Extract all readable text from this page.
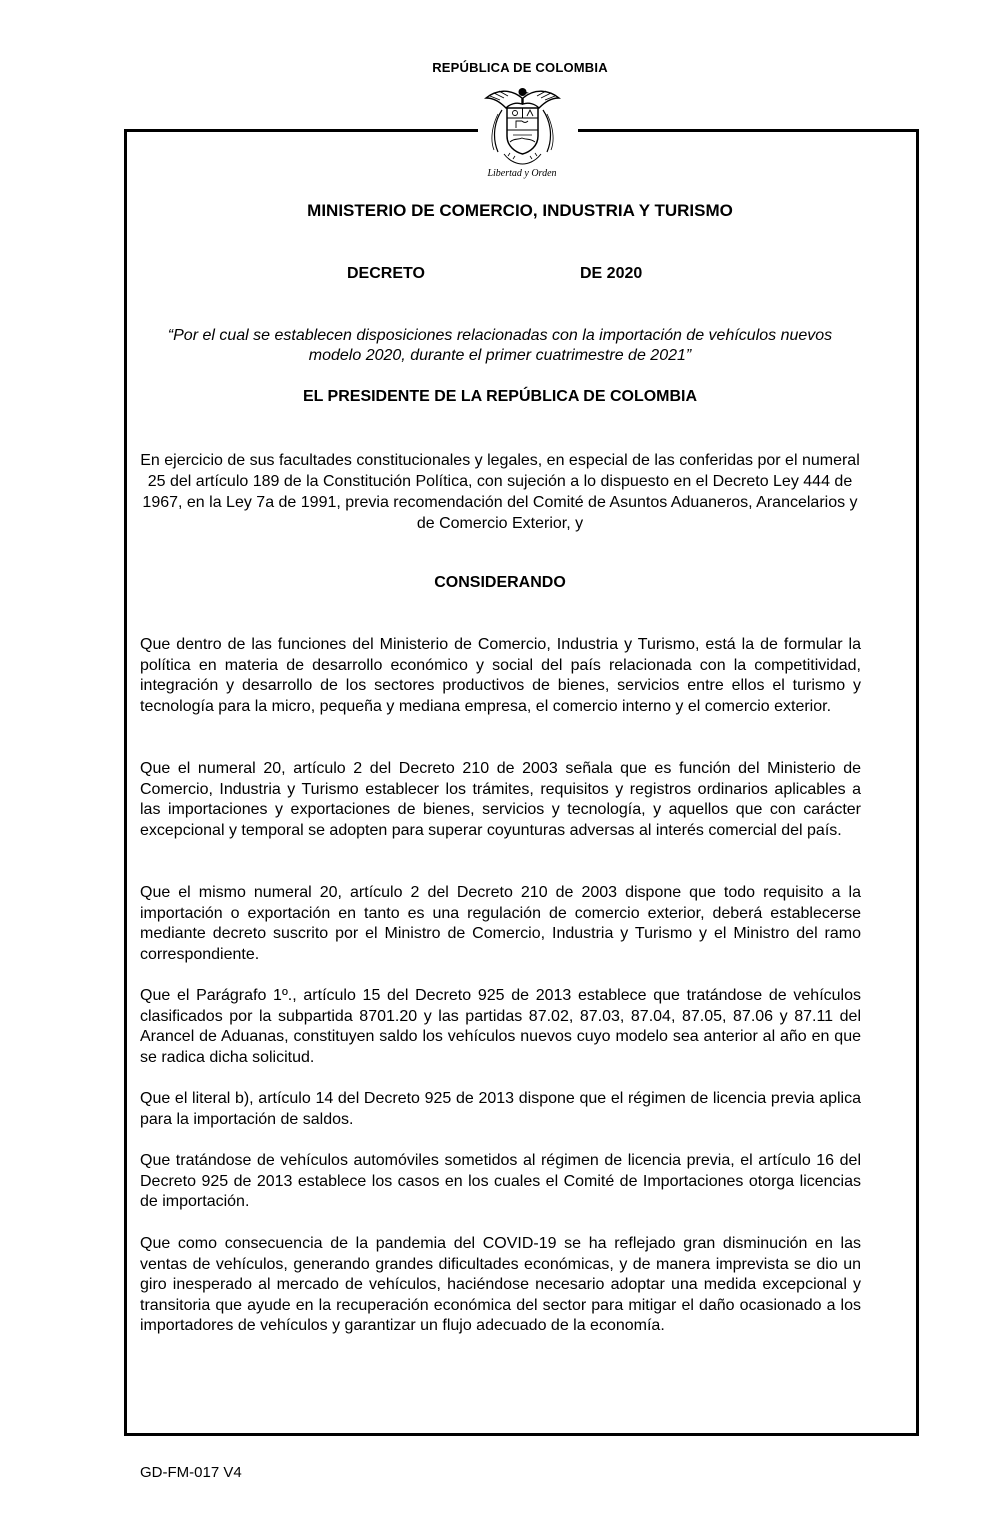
REPÚBLICA DE COLOMBIA
Libertad y Orden
MINISTERIO DE COMERCIO, INDUSTRIA Y TURISMO
DECRETO	DE 2020
“Por el cual se establecen disposiciones relacionadas con la importación de vehículos nuevos modelo 2020, durante el primer cuatrimestre de 2021”
EL PRESIDENTE DE LA REPÚBLICA DE COLOMBIA
En ejercicio de sus facultades constitucionales y legales, en especial de las conferidas por el numeral 25 del artículo 189 de la Constitución Política, con sujeción a lo dispuesto en el Decreto Ley 444 de 1967, en la Ley 7a de 1991, previa recomendación del Comité de Asuntos Aduaneros, Arancelarios y de Comercio Exterior, y
CONSIDERANDO
Que dentro de las funciones del Ministerio de Comercio, Industria y Turismo, está la de formular la política en materia de desarrollo económico y social del país relacionada con la competitividad, integración y desarrollo de los sectores productivos de bienes, servicios entre ellos el turismo y tecnología para la micro, pequeña y mediana empresa, el comercio interno y el comercio exterior.
Que el numeral 20, artículo 2 del Decreto 210 de 2003 señala que es función del Ministerio de Comercio, Industria y Turismo establecer los trámites, requisitos y registros ordinarios aplicables a las importaciones y exportaciones de bienes, servicios y tecnología, y aquellos que con carácter excepcional y temporal se adopten para superar coyunturas adversas al interés comercial del país.
Que el mismo numeral 20, artículo 2 del Decreto 210 de 2003 dispone que todo requisito a la importación o exportación en tanto es una regulación de comercio exterior, deberá establecerse mediante decreto suscrito por el Ministro de Comercio, Industria y Turismo y el Ministro del ramo correspondiente.
Que el Parágrafo 1º., artículo 15 del Decreto 925 de 2013 establece que tratándose de vehículos clasificados por la subpartida 8701.20 y las partidas 87.02, 87.03, 87.04, 87.05, 87.06 y 87.11 del Arancel de Aduanas, constituyen saldo los vehículos nuevos cuyo modelo sea anterior al año en que se radica dicha solicitud.
Que el literal b), artículo 14 del Decreto 925 de 2013 dispone que el régimen de licencia previa aplica para la importación de saldos.
Que tratándose de vehículos automóviles sometidos al régimen de licencia previa, el artículo 16 del Decreto 925 de 2013 establece los casos en los cuales el Comité de Importaciones otorga licencias de importación.
Que como consecuencia de la pandemia del COVID-19 se ha reflejado gran disminución en las ventas de vehículos, generando grandes dificultades económicas, y de manera imprevista se dio un giro inesperado al mercado de vehículos, haciéndose necesario adoptar una medida excepcional y transitoria que ayude en la recuperación económica del sector para mitigar el daño ocasionado a los importadores de vehículos y garantizar un flujo adecuado de la economía.
GD-FM-017 V4
